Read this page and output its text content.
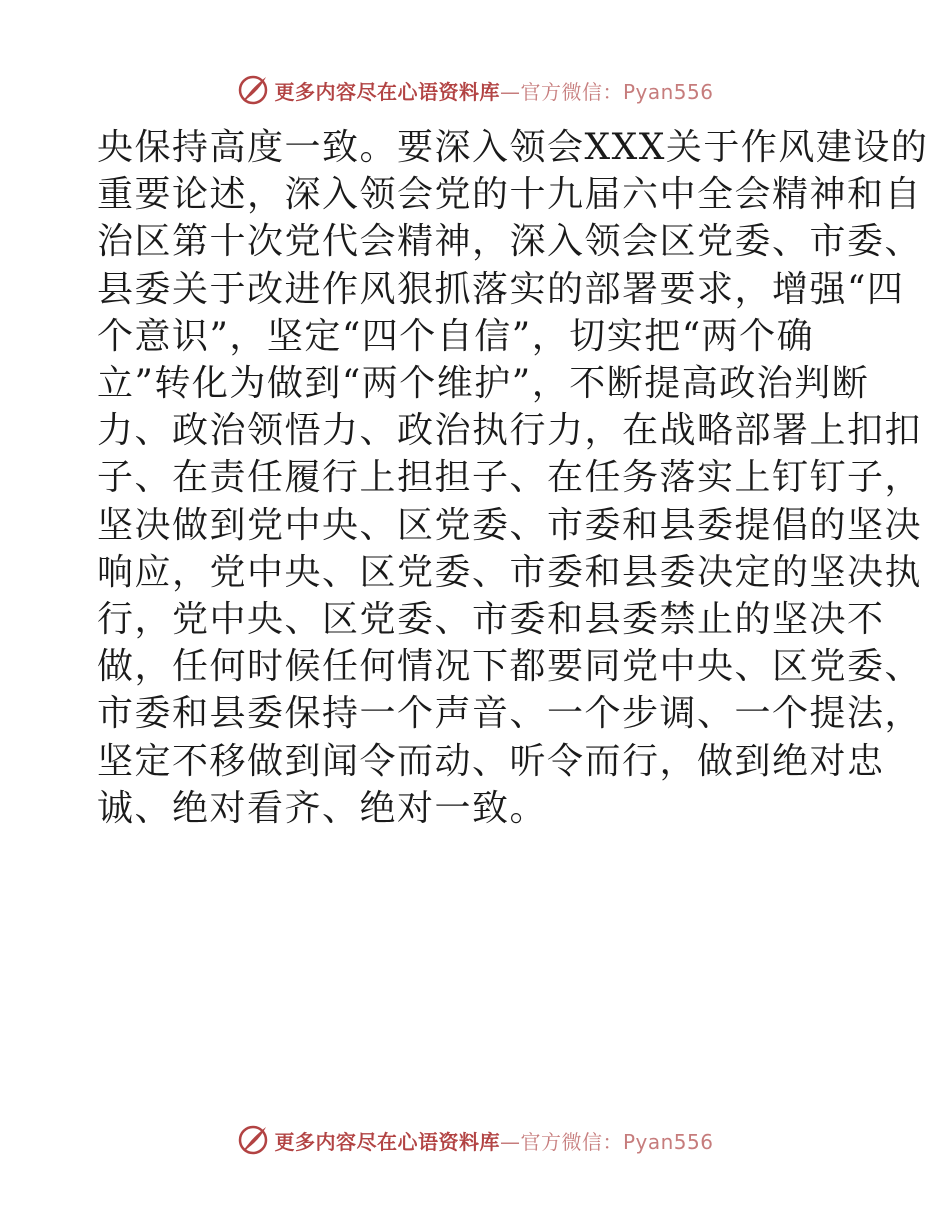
更多内容尽在心语资料库—官方微信：Pyan556
央保持高度一致。要深入领会XXX关于作风建设的
重要论述，深入领会党的十九届六中全会精神和自
治区第十次党代会精神，深入领会区党委、市委、
县委关于改进作风狠抓落实的部署要求，增强“四
个意识”，坚定“四个自信”，切实把“两个确
立”转化为做到“两个维护”，不断提高政治判断
力、政治领悟力、政治执行力，在战略部署上扣扣
子、在责任履行上担担子、在任务落实上钉钉子，
坚决做到党中央、区党委、市委和县委提倡的坚决
响应，党中央、区党委、市委和县委决定的坚决执
行，党中央、区党委、市委和县委禁止的坚决不
做，任何时候任何情况下都要同党中央、区党委、
市委和县委保持一个声音、一个步调、一个提法，
坚定不移做到闻令而动、听令而行，做到绝对忠
诚、绝对看齐、绝对一致。
更多内容尽在心语资料库—官方微信：Pyan556
